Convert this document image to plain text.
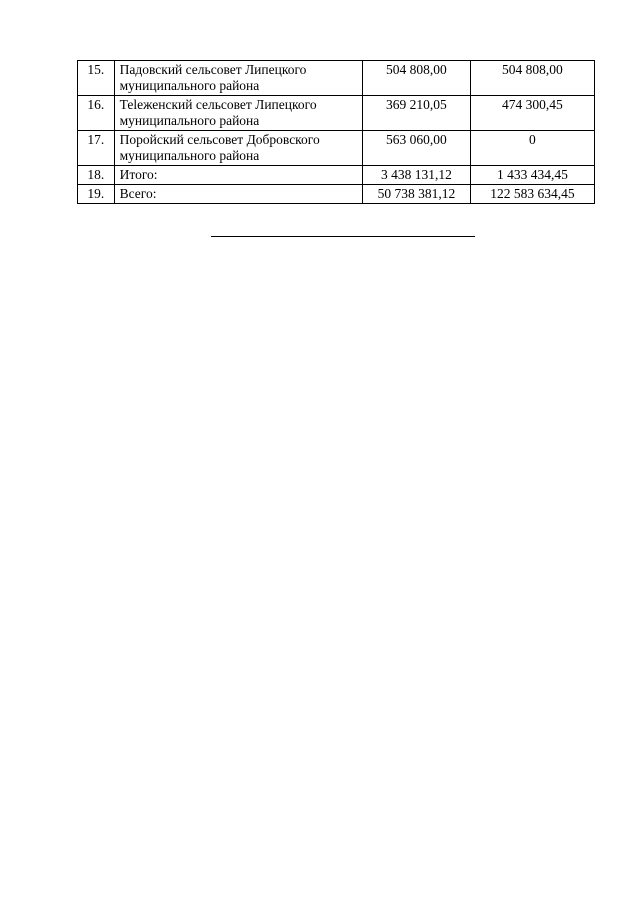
15.	Падовский сельсовет Липецкого муниципального района	504 808,00	504 808,00
16.	Теleженский сельсовет Липецкого муниципального района	369 210,05	474 300,45
17.	Поройский сельсовет Добровского муниципального района	563 060,00	0
18.	Итого:	3 438 131,12	1 433 434,45
19.	Всего:	50 738 381,12	122 583 634,45
